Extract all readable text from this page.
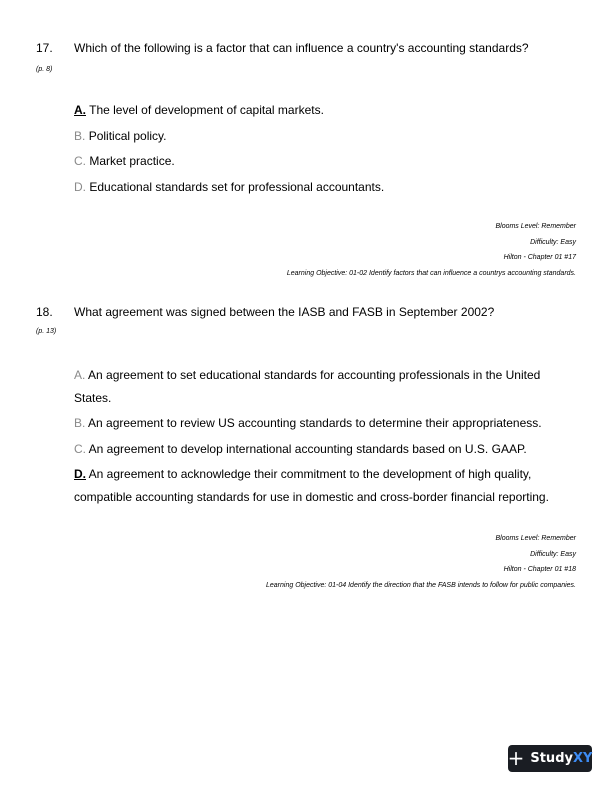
17. Which of the following is a factor that can influence a country's accounting standards?
(p. 8)
A. The level of development of capital markets.
B. Political policy.
C. Market practice.
D. Educational standards set for professional accountants.
Blooms Level: Remember
Difficulty: Easy
Hilton - Chapter 01 #17
Learning Objective: 01-02 Identify factors that can influence a countrys accounting standards.
18. What agreement was signed between the IASB and FASB in September 2002?
(p. 13)
A. An agreement to set educational standards for accounting professionals in the United States.
B. An agreement to review US accounting standards to determine their appropriateness.
C. An agreement to develop international accounting standards based on U.S. GAAP.
D. An agreement to acknowledge their commitment to the development of high quality, compatible accounting standards for use in domestic and cross-border financial reporting.
Blooms Level: Remember
Difficulty: Easy
Hilton - Chapter 01 #18
Learning Objective: 01-04 Identify the direction that the FASB intends to follow for public companies.
+ StudyXY
